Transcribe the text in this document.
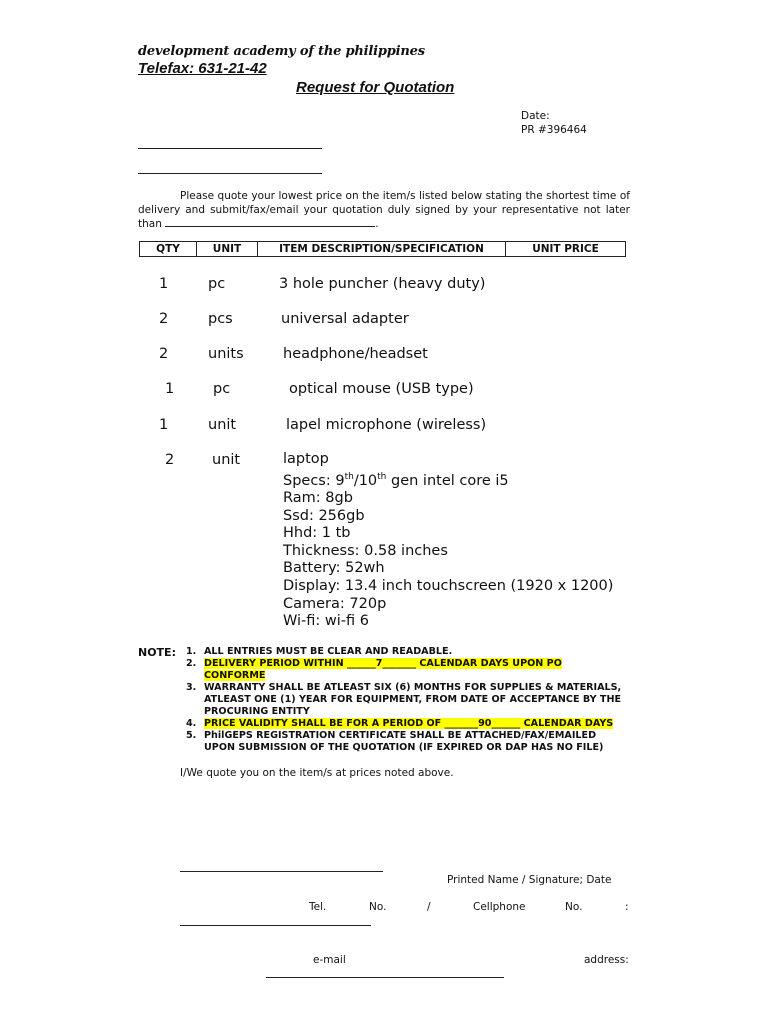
development academy of the philippines
Telefax: 631-21-42
Request for Quotation
Date:
PR #396464
Please quote your lowest price on the item/s listed below stating the shortest time of delivery and submit/fax/email your quotation duly signed by your representative not later than	.
QTY	UNIT	ITEM DESCRIPTION/SPECIFICATION	UNIT PRICE
1	pc	3 hole puncher (heavy duty)
2	pcs	universal adapter
2	units	headphone/headset
1	pc	optical mouse (USB type)
1	unit	lapel microphone (wireless)
2	unit	laptop
Specs: 9th/10th gen intel core i5
Ram: 8gb
Ssd: 256gb
Hhd: 1 tb
Thickness: 0.58 inches
Battery: 52wh
Display: 13.4 inch touchscreen (1920 x 1200)
Camera: 720p
Wi-fi: wi-fi 6
NOTE: 1. ALL ENTRIES MUST BE CLEAR AND READABLE.
2. DELIVERY PERIOD WITHIN ______7_______ CALENDAR DAYS UPON PO
CONFORME
3. WARRANTY SHALL BE ATLEAST SIX (6) MONTHS FOR SUPPLIES & MATERIALS,
ATLEAST ONE (1) YEAR FOR EQUIPMENT, FROM DATE OF ACCEPTANCE BY THE
PROCURING ENTITY
4. PRICE VALIDITY SHALL BE FOR A PERIOD OF _______90______ CALENDAR DAYS
5. PhilGEPS REGISTRATION CERTIFICATE SHALL BE ATTACHED/FAX/EMAILED
UPON SUBMISSION OF THE QUOTATION (IF EXPIRED OR DAP HAS NO FILE)
I/We quote you on the item/s at prices noted above.
Printed Name / Signature; Date
Tel.	No.	/	Cellphone	No.	:
e-mail	address:
